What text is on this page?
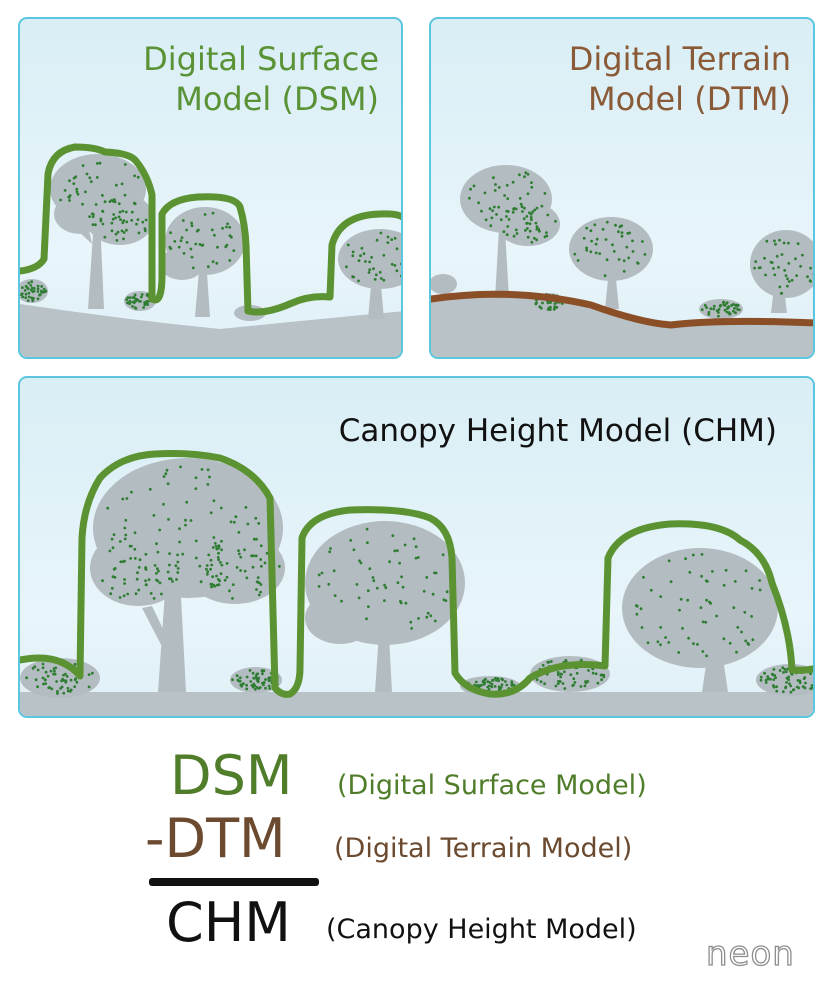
Digital Surface
Model (DSM)
Digital Terrain
Model (DTM)
Canopy Height Model (CHM)
DSM (Digital Surface Model)
-DTM (Digital Terrain Model)
CHM (Canopy Height Model)
neon
